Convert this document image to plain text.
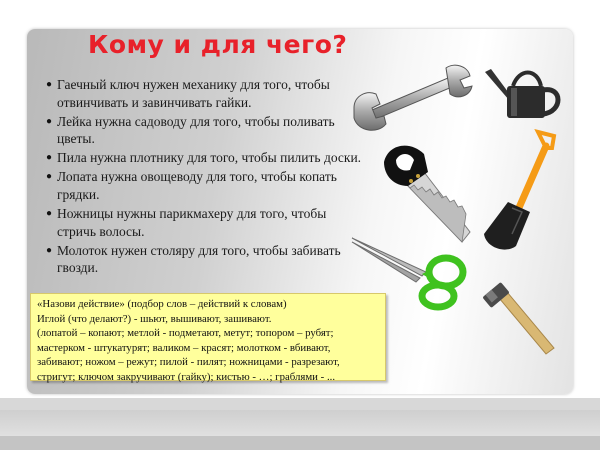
Кому и для чего?
● Гаечный ключ нужен механику для того, чтобы отвинчивать и завинчивать гайки.
● Лейка нужна садоводу для того, чтобы поливать цветы.
● Пила нужна плотнику для того, чтобы пилить доски.
● Лопата нужна овощеводу для того, чтобы копать грядки.
● Ножницы нужны парикмахеру для того, чтобы стричь волосы.
● Молоток нужен столяру для того, чтобы забивать гвозди.

«Назови действие» (подбор слов – действий к словам)

Иглой (что делают?) - шьют, вышивают, зашивают.

(лопатой – копают; метлой - подметают, метут; топором – рубят;

мастерком - штукатурят; валиком – красят; молотком - вбивают,

забивают; ножом – режут; пилой - пилят; ножницами - разрезают,

стригут; ключом закручивают (гайку); кистью - …; граблями - ...
